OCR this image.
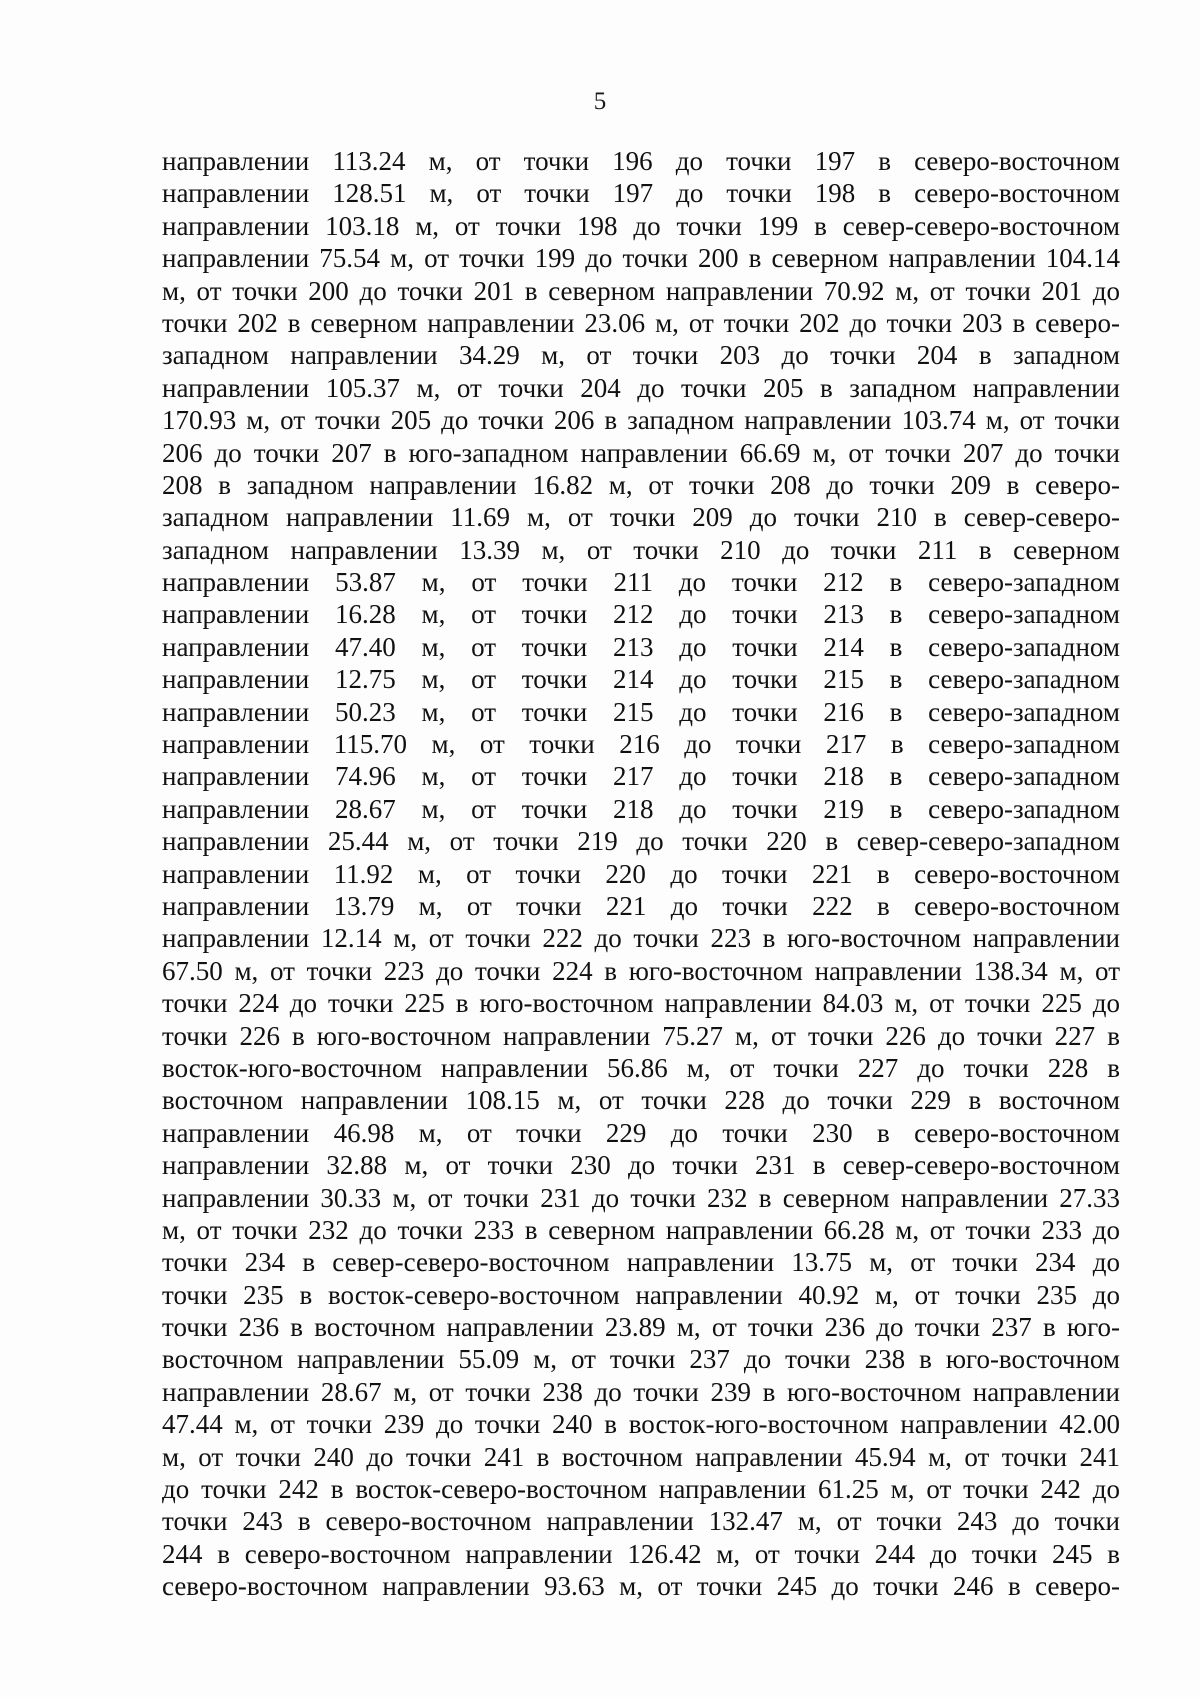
5
направлении 113.24 м, от точки 196 до точки 197 в северо-восточном
направлении 128.51 м, от точки 197 до точки 198 в северо-восточном
направлении 103.18 м, от точки 198 до точки 199 в север-северо-восточном
направлении 75.54 м, от точки 199 до точки 200 в северном направлении 104.14
м, от точки 200 до точки 201 в северном направлении 70.92 м, от точки 201 до
точки 202 в северном направлении 23.06 м, от точки 202 до точки 203 в северо-
западном направлении 34.29 м, от точки 203 до точки 204 в западном
направлении 105.37 м, от точки 204 до точки 205 в западном направлении
170.93 м, от точки 205 до точки 206 в западном направлении 103.74 м, от точки
206 до точки 207 в юго-западном направлении 66.69 м, от точки 207 до точки
208 в западном направлении 16.82 м, от точки 208 до точки 209 в северо-
западном направлении 11.69 м, от точки 209 до точки 210 в север-северо-
западном направлении 13.39 м, от точки 210 до точки 211 в северном
направлении 53.87 м, от точки 211 до точки 212 в северо-западном
направлении 16.28 м, от точки 212 до точки 213 в северо-западном
направлении 47.40 м, от точки 213 до точки 214 в северо-западном
направлении 12.75 м, от точки 214 до точки 215 в северо-западном
направлении 50.23 м, от точки 215 до точки 216 в северо-западном
направлении 115.70 м, от точки 216 до точки 217 в северо-западном
направлении 74.96 м, от точки 217 до точки 218 в северо-западном
направлении 28.67 м, от точки 218 до точки 219 в северо-западном
направлении 25.44 м, от точки 219 до точки 220 в север-северо-западном
направлении 11.92 м, от точки 220 до точки 221 в северо-восточном
направлении 13.79 м, от точки 221 до точки 222 в северо-восточном
направлении 12.14 м, от точки 222 до точки 223 в юго-восточном направлении
67.50 м, от точки 223 до точки 224 в юго-восточном направлении 138.34 м, от
точки 224 до точки 225 в юго-восточном направлении 84.03 м, от точки 225 до
точки 226 в юго-восточном направлении 75.27 м, от точки 226 до точки 227 в
восток-юго-восточном направлении 56.86 м, от точки 227 до точки 228 в
восточном направлении 108.15 м, от точки 228 до точки 229 в восточном
направлении 46.98 м, от точки 229 до точки 230 в северо-восточном
направлении 32.88 м, от точки 230 до точки 231 в север-северо-восточном
направлении 30.33 м, от точки 231 до точки 232 в северном направлении 27.33
м, от точки 232 до точки 233 в северном направлении 66.28 м, от точки 233 до
точки 234 в север-северо-восточном направлении 13.75 м, от точки 234 до
точки 235 в восток-северо-восточном направлении 40.92 м, от точки 235 до
точки 236 в восточном направлении 23.89 м, от точки 236 до точки 237 в юго-
восточном направлении 55.09 м, от точки 237 до точки 238 в юго-восточном
направлении 28.67 м, от точки 238 до точки 239 в юго-восточном направлении
47.44 м, от точки 239 до точки 240 в восток-юго-восточном направлении 42.00
м, от точки 240 до точки 241 в восточном направлении 45.94 м, от точки 241
до точки 242 в восток-северо-восточном направлении 61.25 м, от точки 242 до
точки 243 в северо-восточном направлении 132.47 м, от точки 243 до точки
244 в северо-восточном направлении 126.42 м, от точки 244 до точки 245 в
северо-восточном направлении 93.63 м, от точки 245 до точки 246 в северо-
